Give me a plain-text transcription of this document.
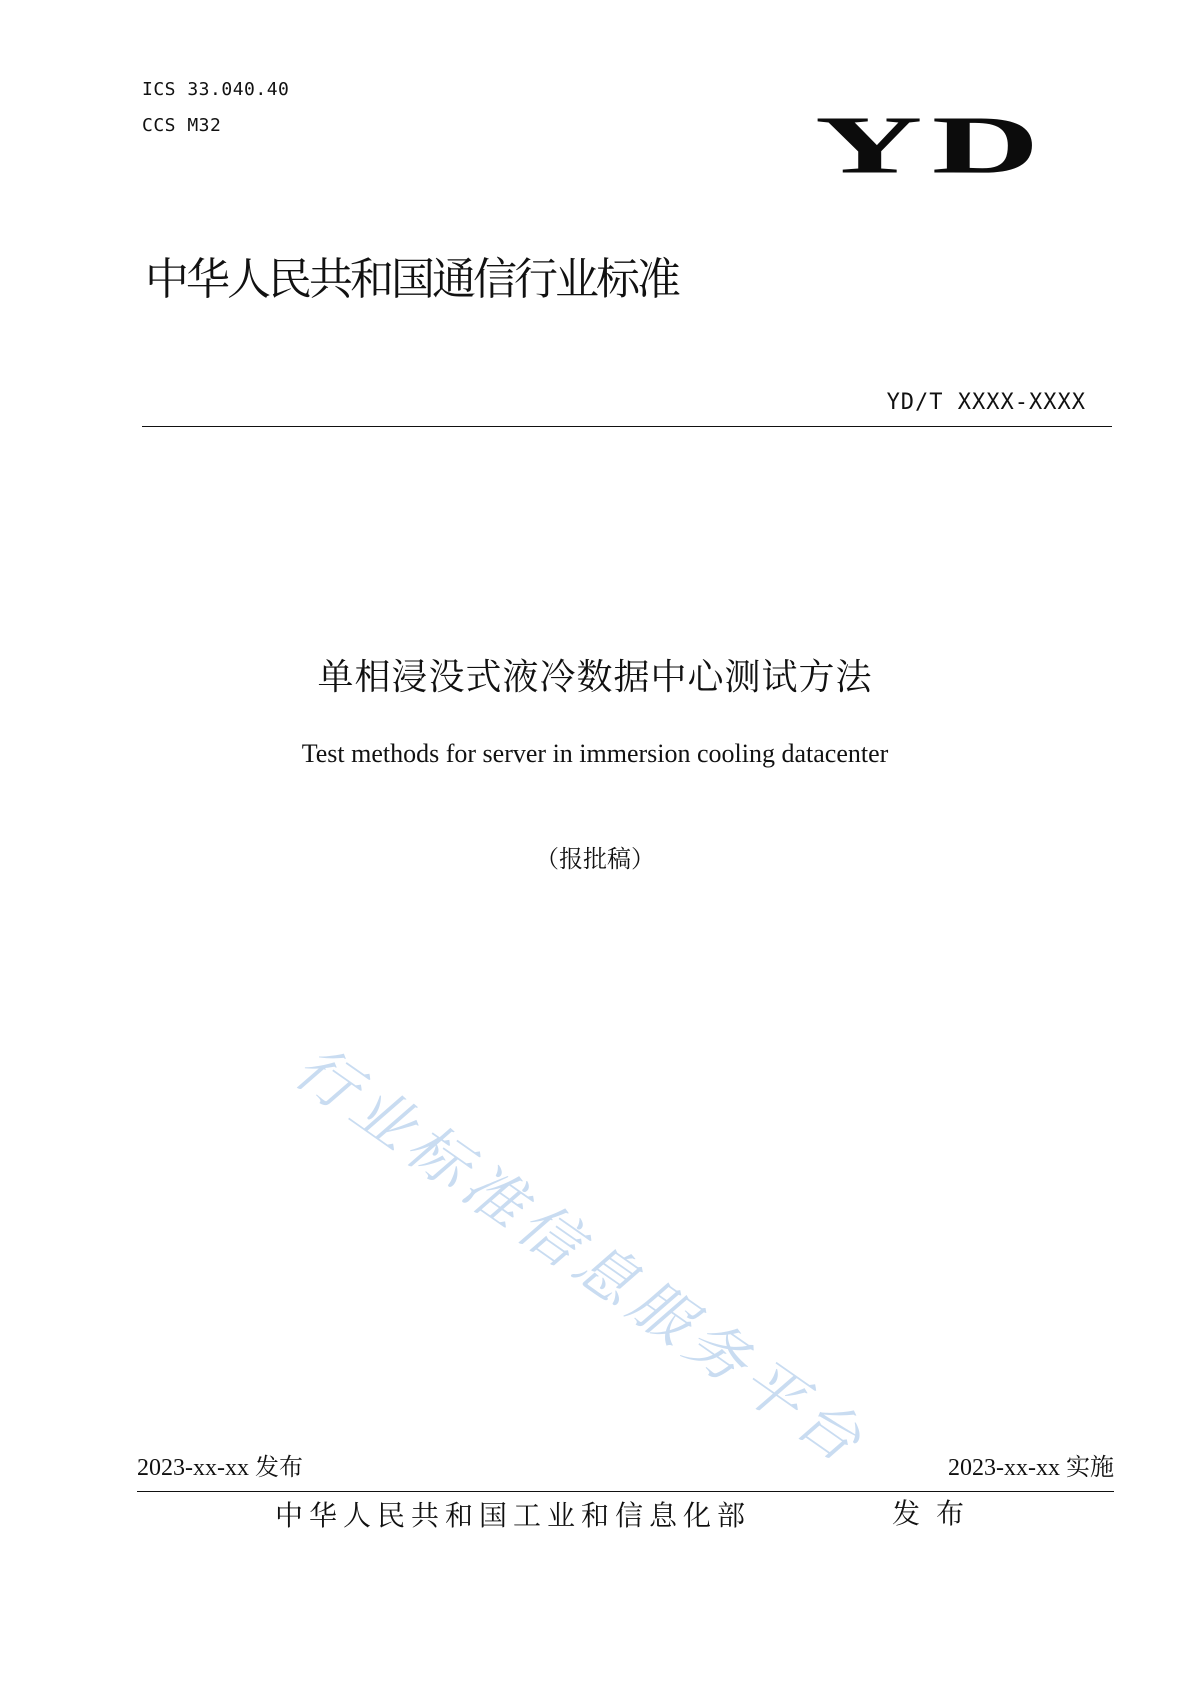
ICS 33.040.40
CCS M32	YD
中华人民共和国通信行业标准
YD/T XXXX-XXXX
单相浸没式液冷数据中心测试方法
Test methods for server in immersion cooling datacenter
（报批稿）
行业标准信息服务平台
2023-xx-xx 发布	2023-xx-xx 实施
中华人民共和国工业和信息化部	发布
